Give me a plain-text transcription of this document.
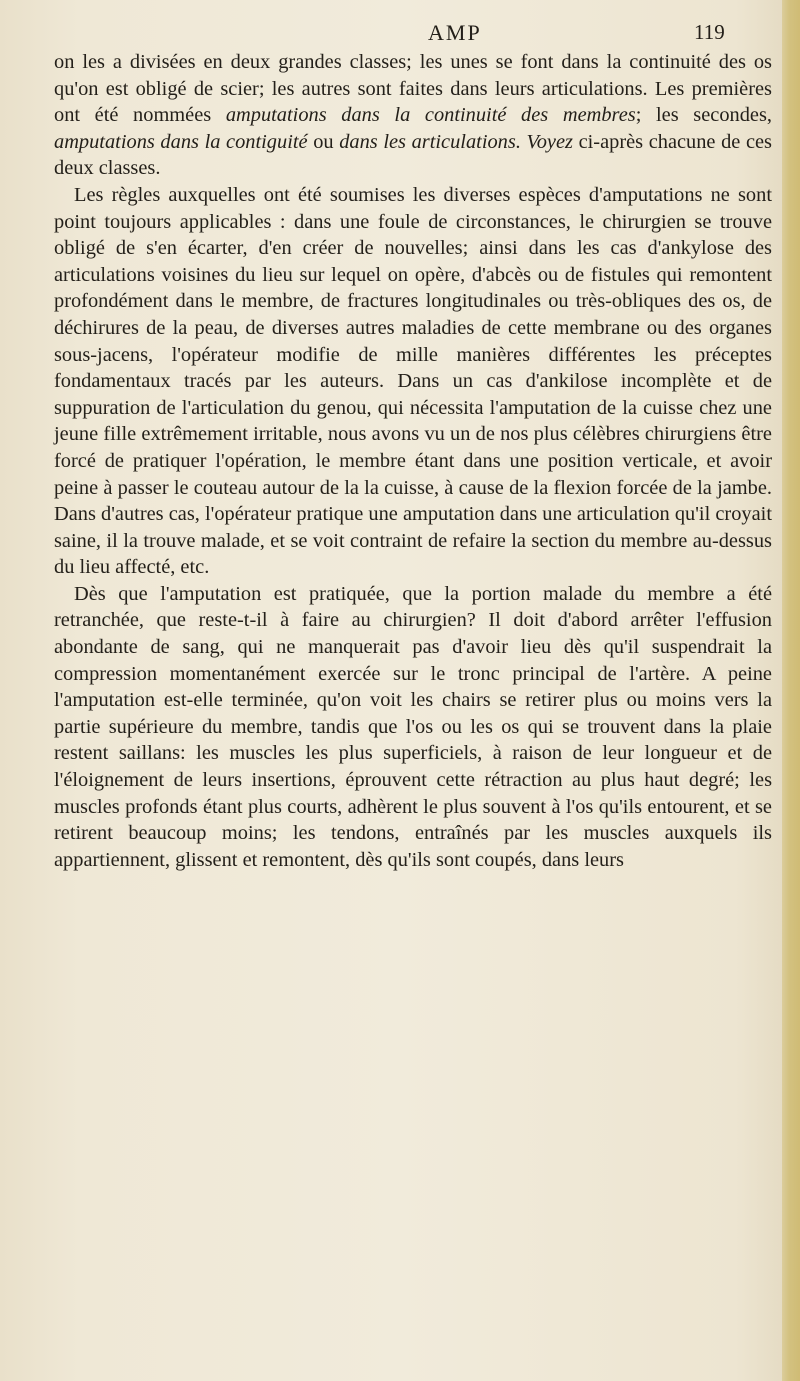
AMP	119

on les a divisées en deux grandes classes; les unes se font dans la continuité des os qu'on est obligé de scier; les autres sont faites dans leurs articulations. Les premières ont été nommées amputations dans la continuité des membres; les secondes, amputations dans la contiguité ou dans les articulations. Voyez ci-après chacune de ces deux classes.

Les règles auxquelles ont été soumises les diverses espèces d'amputations ne sont point toujours applicables : dans une foule de circonstances, le chirurgien se trouve obligé de s'en écarter, d'en créer de nouvelles; ainsi dans les cas d'ankylose des articulations voisines du lieu sur lequel on opère, d'abcès ou de fistules qui remontent profondément dans le membre, de fractures longitudinales ou très-obliques des os, de déchirures de la peau, de diverses autres maladies de cette membrane ou des organes sous-jacens, l'opérateur modifie de mille manières différentes les préceptes fondamentaux tracés par les auteurs. Dans un cas d'ankilose incomplète et de suppuration de l'articulation du genou, qui nécessita l'amputation de la cuisse chez une jeune fille extrêmement irritable, nous avons vu un de nos plus célèbres chirurgiens être forcé de pratiquer l'opération, le membre étant dans une position verticale, et avoir peine à passer le couteau autour de la la cuisse, à cause de la flexion forcée de la jambe. Dans d'autres cas, l'opérateur pratique une amputation dans une articulation qu'il croyait saine, il la trouve malade, et se voit contraint de refaire la section du membre au-dessus du lieu affecté, etc.

Dès que l'amputation est pratiquée, que la portion malade du membre a été retranchée, que reste-t-il à faire au chirurgien? Il doit d'abord arrêter l'effusion abondante de sang, qui ne manquerait pas d'avoir lieu dès qu'il suspendrait la compression momentanément exercée sur le tronc principal de l'artère. A peine l'amputation est-elle terminée, qu'on voit les chairs se retirer plus ou moins vers la partie supérieure du membre, tandis que l'os ou les os qui se trouvent dans la plaie restent saillans: les muscles les plus superficiels, à raison de leur longueur et de l'éloignement de leurs insertions, éprouvent cette rétraction au plus haut degré; les muscles profonds étant plus courts, adhèrent le plus souvent à l'os qu'ils entourent, et se retirent beaucoup moins; les tendons, entraînés par les muscles auxquels ils appartiennent, glissent et remontent, dès qu'ils sont coupés, dans leurs
